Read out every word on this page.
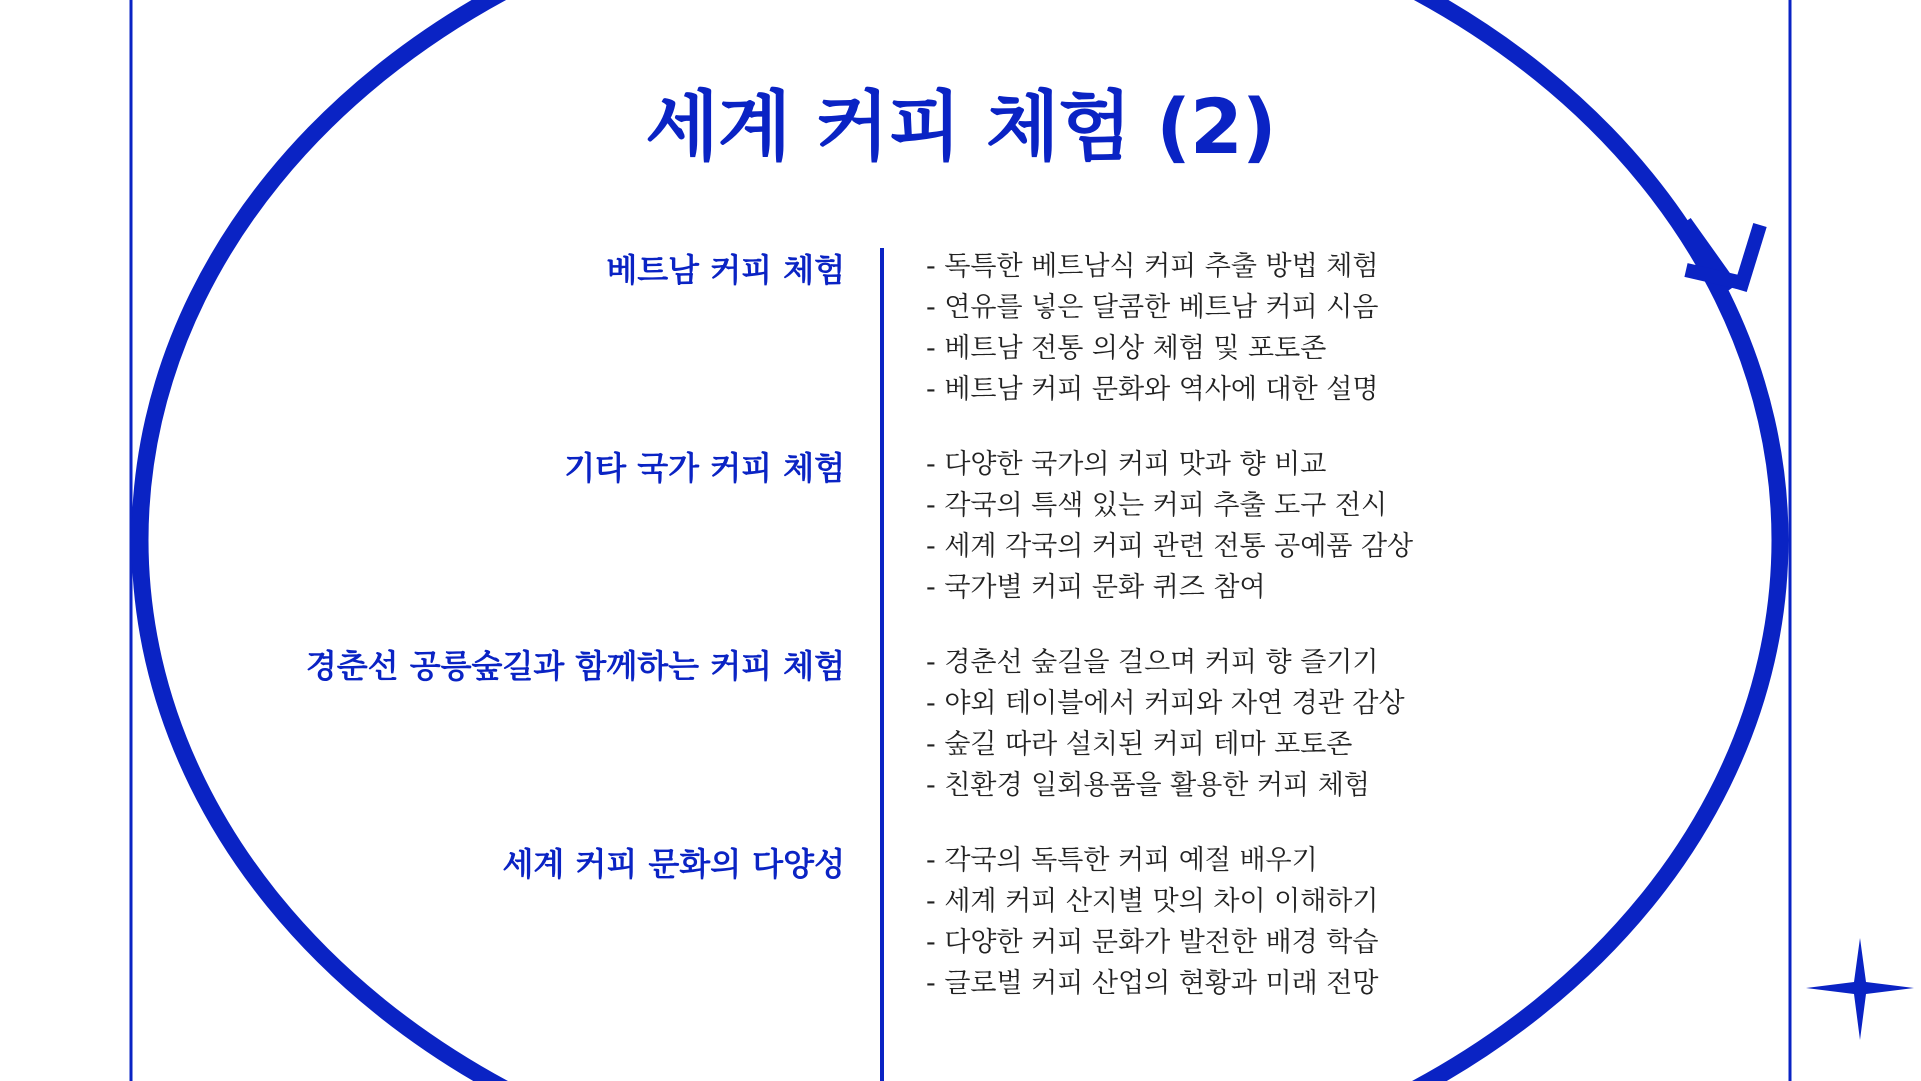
세계 커피 체험 (2)
베트남 커피 체험	- 독특한 베트남식 커피 추출 방법 체험
- 연유를 넣은 달콤한 베트남 커피 시음
- 베트남 전통 의상 체험 및 포토존
- 베트남 커피 문화와 역사에 대한 설명
기타 국가 커피 체험	- 다양한 국가의 커피 맛과 향 비교
- 각국의 특색 있는 커피 추출 도구 전시
- 세계 각국의 커피 관련 전통 공예품 감상
- 국가별 커피 문화 퀴즈 참여
경춘선 공릉숲길과 함께하는 커피 체험	- 경춘선 숲길을 걸으며 커피 향 즐기기
- 야외 테이블에서 커피와 자연 경관 감상
- 숲길 따라 설치된 커피 테마 포토존
- 친환경 일회용품을 활용한 커피 체험
세계 커피 문화의 다양성	- 각국의 독특한 커피 예절 배우기
- 세계 커피 산지별 맛의 차이 이해하기
- 다양한 커피 문화가 발전한 배경 학습
- 글로벌 커피 산업의 현황과 미래 전망
